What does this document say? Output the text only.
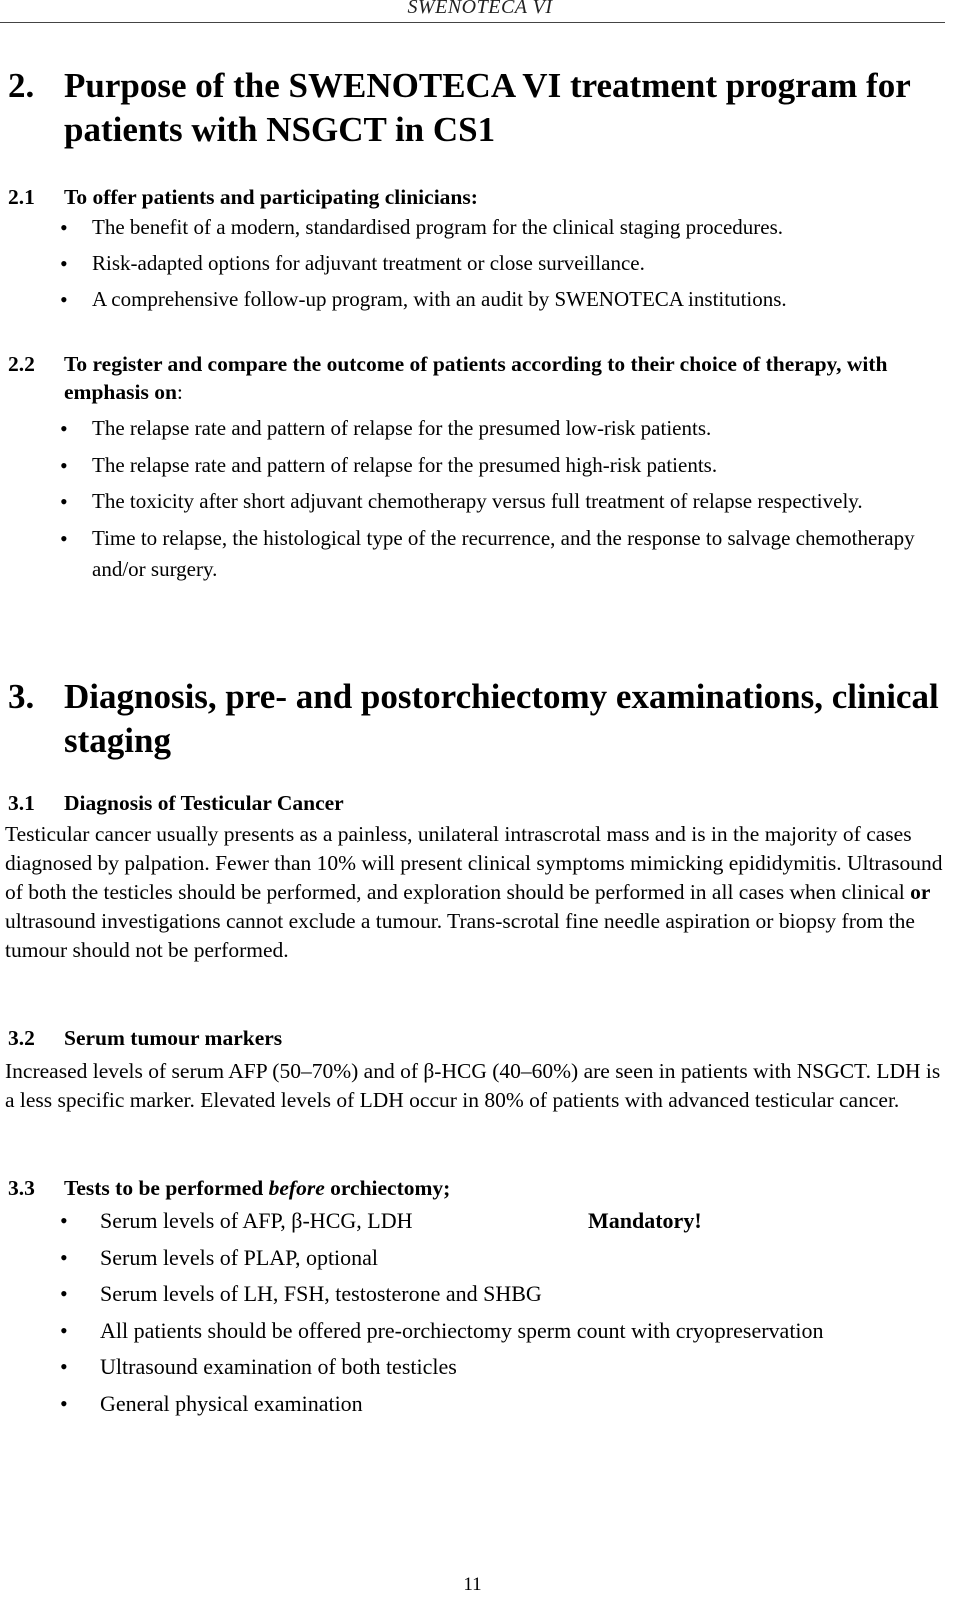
SWENOTECA VI
2. Purpose of the SWENOTECA VI treatment program for patients with NSGCT in CS1
2.1 To offer patients and participating clinicians:
• The benefit of a modern, standardised program for the clinical staging procedures.
• Risk-adapted options for adjuvant treatment or close surveillance.
• A comprehensive follow-up program, with an audit by SWENOTECA institutions.
2.2 To register and compare the outcome of patients according to their choice of therapy, with emphasis on:
• The relapse rate and pattern of relapse for the presumed low-risk patients.
• The relapse rate and pattern of relapse for the presumed high-risk patients.
• The toxicity after short adjuvant chemotherapy versus full treatment of relapse respectively.
• Time to relapse, the histological type of the recurrence, and the response to salvage chemotherapy and/or surgery.
3. Diagnosis, pre- and postorchiectomy examinations, clinical staging
3.1 Diagnosis of Testicular Cancer

Testicular cancer usually presents as a painless, unilateral intrascrotal mass and is in the majority of cases diagnosed by palpation. Fewer than 10% will present clinical symptoms mimicking epididymitis. Ultrasound of both the testicles should be performed, and exploration should be performed in all cases when clinical or ultrasound investigations cannot exclude a tumour. Trans-scrotal fine needle aspiration or biopsy from the tumour should not be performed.

3.2 Serum tumour markers

Increased levels of serum AFP (50–70%) and of β-HCG (40–60%) are seen in patients with NSGCT. LDH is a less specific marker. Elevated levels of LDH occur in 80% of patients with advanced testicular cancer.

3.3 Tests to be performed before orchiectomy;
• Serum levels of AFP, β-HCG, LDH	Mandatory!
• Serum levels of PLAP, optional
• Serum levels of LH, FSH, testosterone and SHBG
• All patients should be offered pre-orchiectomy sperm count with cryopreservation
• Ultrasound examination of both testicles
• General physical examination
11
